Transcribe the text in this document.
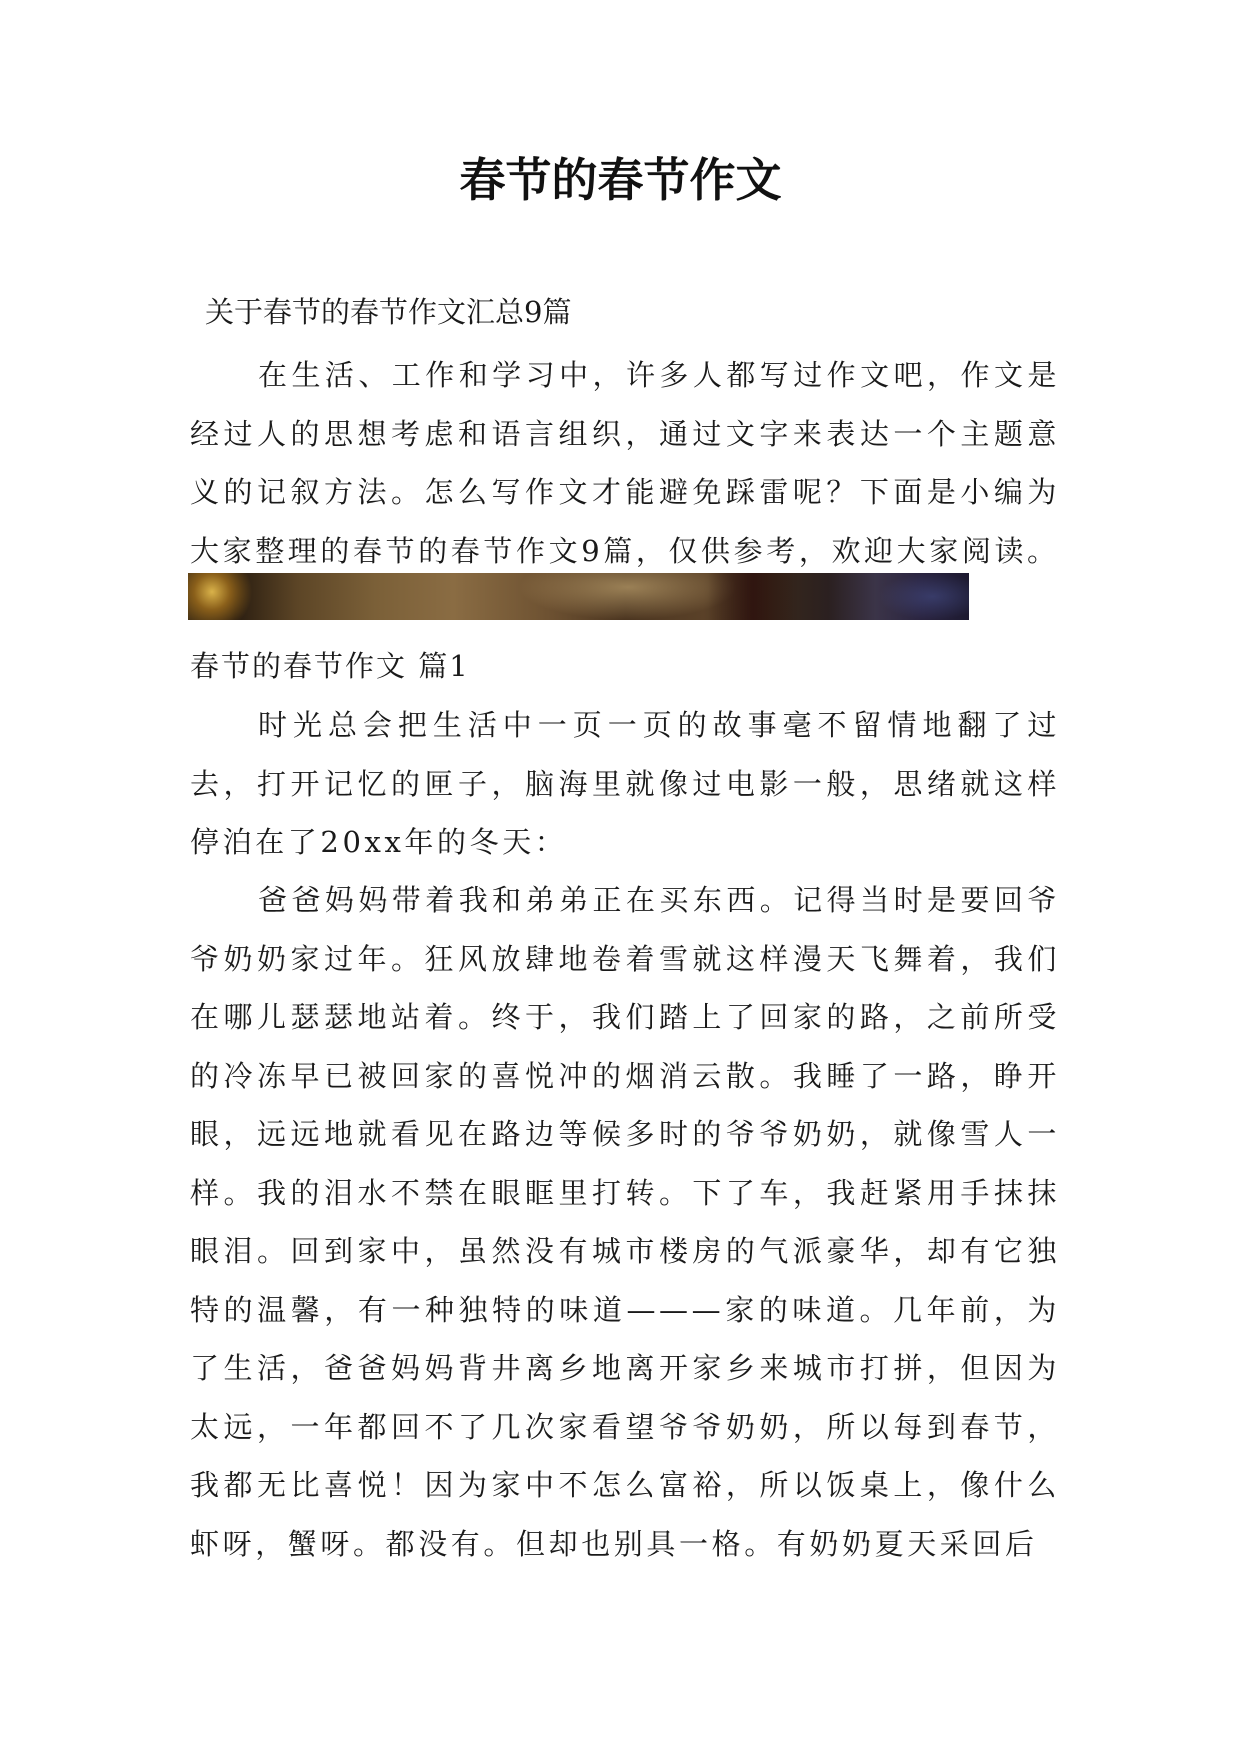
春节的春节作文
关于春节的春节作文汇总9篇

在生活、工作和学习中，许多人都写过作文吧，作文是经过人的思想考虑和语言组织，通过文字来表达一个主题意义的记叙方法。怎么写作文才能避免踩雷呢？下面是小编为大家整理的春节的春节作文9篇，仅供参考，欢迎大家阅读。

春节的春节作文 篇1

时光总会把生活中一页一页的故事毫不留情地翻了过去，打开记忆的匣子，脑海里就像过电影一般，思绪就这样停泊在了20xx年的冬天：

爸爸妈妈带着我和弟弟正在买东西。记得当时是要回爷爷奶奶家过年。狂风放肆地卷着雪就这样漫天飞舞着，我们在哪儿瑟瑟地站着。终于，我们踏上了回家的路，之前所受的冷冻早已被回家的喜悦冲的烟消云散。我睡了一路，睁开眼，远远地就看见在路边等候多时的爷爷奶奶，就像雪人一样。我的泪水不禁在眼眶里打转。下了车，我赶紧用手抹抹眼泪。回到家中，虽然没有城市楼房的气派豪华，却有它独特的温馨，有一种独特的味道———家的味道。几年前，为了生活，爸爸妈妈背井离乡地离开家乡来城市打拼，但因为太远，一年都回不了几次家看望爷爷奶奶，所以每到春节，我都无比喜悦！因为家中不怎么富裕，所以饭桌上，像什么虾呀，蟹呀。都没有。但却也别具一格。有奶奶夏天采回后
